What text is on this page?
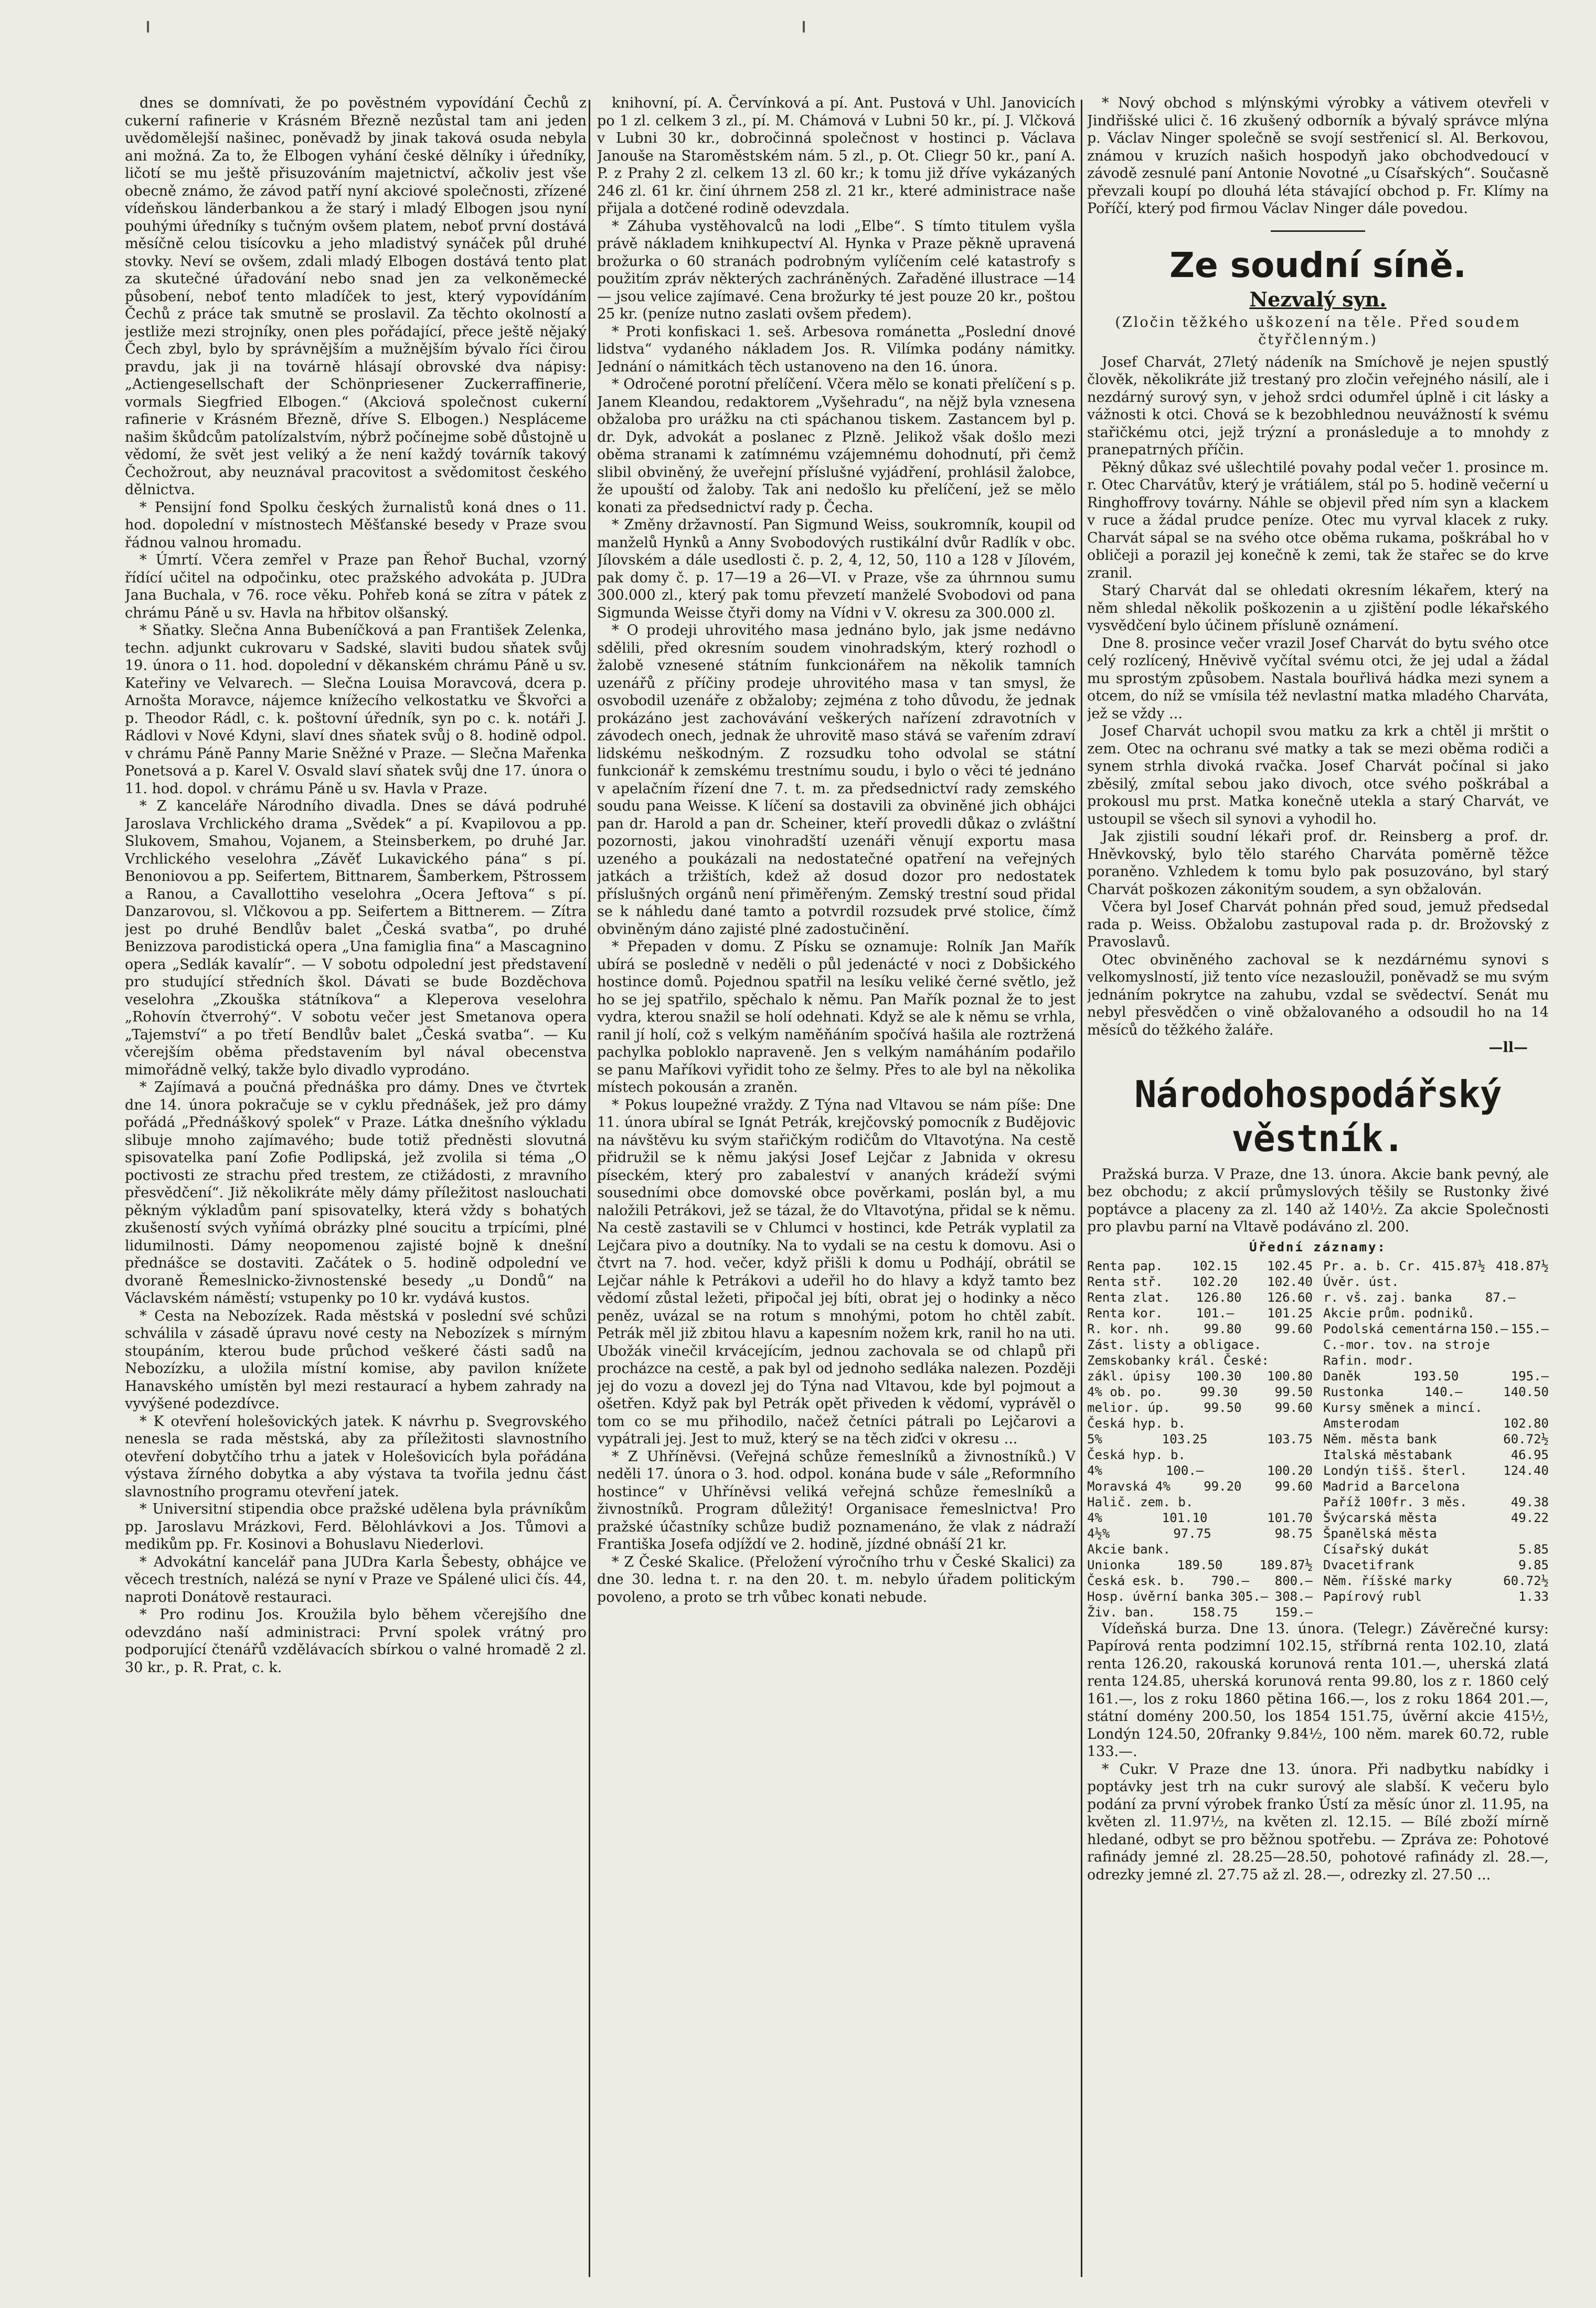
dnes se domnívati, že po pověstném vypovídání Čechů z cukerní rafinerie v Krásném Březně nezůstal tam ani jeden uvědomělejší našinec, poněvadž by jinak taková osuda nebyla ani možná. Za to, že Elbogen vyhání české dělníky i úředníky, ličotí se mu ještě přisuzováním majetnictví, ačkoliv jest vše obecně známo, že závod patří nyní akciové společnosti, zřízené vídeňskou länderbankou a že starý i mladý Elbogen jsou nyní pouhými úředníky s tučným ovšem platem, neboť první dostává měsíčně celou tisícovku a jeho mladistvý synáček půl druhé stovky. Neví se ovšem, zdali mladý Elbogen dostává tento plat za skutečné úřadování nebo snad jen za velkoněmecké působení, neboť tento mladíček to jest, který vypovídáním Čechů z práce tak smutně se proslavil. Za těchto okolností a jestliže mezi strojníky, onen ples pořádající, přece ještě nějaký Čech zbyl, bylo by správnějším a mužnějším bývalo říci čirou pravdu, jak ji na továrně hlásají obrovské dva nápisy: „Actiengesellschaft der Schönpriesener Zuckerraffinerie, vormals Siegfried Elbogen.“ (Akciová společnost cukerní rafinerie v Krásném Březně, dříve S. Elbogen.) Nespláceme našim škůdcům patolízalstvím, nýbrž počínejme sobě důstojně u vědomí, že svět jest veliký a že není každý továrník takový Čechožrout, aby neuznával pracovitost a svědomitost českého dělnictva.

* Pensijní fond Spolku českých žurnalistů koná dnes o 11. hod. dopolední v místnostech Měšťanské besedy v Praze svou řádnou valnou hromadu.

* Úmrtí. Včera zemřel v Praze pan Řehoř Buchal, vzorný řídící učitel na odpočinku, otec pražského advokáta p. JUDra Jana Buchala, v 76. roce věku. Pohřeb koná se zítra v pátek z chrámu Páně u sv. Havla na hřbitov olšanský.

* Sňatky. Slečna Anna Bubeníčková a pan František Zelenka, techn. adjunkt cukrovaru v Sadské, slaviti budou sňatek svůj 19. února o 11. hod. dopolední v děkanském chrámu Páně u sv. Kateřiny ve Velvarech. — Slečna Louisa Moravcová, dcera p. Arnošta Moravce, nájemce knížecího velkostatku ve Škvořci a p. Theodor Rádl, c. k. poštovní úředník, syn po c. k. notáři J. Rádlovi v Nové Kdyni, slaví dnes sňatek svůj o 8. hodině odpol. v chrámu Páně Panny Marie Sněžné v Praze. — Slečna Mařenka Ponetsová a p. Karel V. Osvald slaví sňatek svůj dne 17. února o 11. hod. dopol. v chrámu Páně u sv. Havla v Praze.

* Z kanceláře Národního divadla. Dnes se dává podruhé Jaroslava Vrchlického drama „Svědek“ a pí. Kvapilovou a pp. Slukovem, Smahou, Vojanem, a Steinsberkem, po druhé Jar. Vrchlického veselohra „Závěť Lukavického pána“ s pí. Benoniovou a pp. Seifertem, Bittnarem, Šamberkem, Pštrossem a Ranou, a Cavallottiho veselohra „Ocera Jeftova“ s pí. Danzarovou, sl. Vlčkovou a pp. Seifertem a Bittnerem. — Zítra jest po druhé Bendlův balet „Česká svatba“, po druhé Benizzova parodistická opera „Una famiglia fina“ a Mascagnino opera „Sedlák kavalír“. — V sobotu odpolední jest představení pro studující středních škol. Dávati se bude Bozděchova veselohra „Zkouška státníkova“ a Kleperova veselohra „Rohovín čtverrohý“. V sobotu večer jest Smetanova opera „Tajemství“ a po třetí Bendlův balet „Česká svatba“. — Ku včerejším oběma představením byl nával obecenstva mimořádně velký, takže bylo divadlo vyprodáno.

* Zajímavá a poučná přednáška pro dámy. Dnes ve čtvrtek dne 14. února pokračuje se v cyklu přednášek, jež pro dámy pořádá „Přednáškový spolek“ v Praze. Látka dnešního výkladu slibuje mnoho zajímavého; bude totiž předněsti slovutná spisovatelka paní Zofie Podlipská, jež zvolila si téma „O poctivosti ze strachu před trestem, ze ctižádosti, z mravního přesvědčení“. Již několikráte měly dámy příležitost naslouchati pěkným výkladům paní spisovatelky, která vždy s bohatých zkušeností svých vyňímá obrázky plné soucitu a trpícími, plné lidumilnosti. Dámy neopomenou zajisté bojně k dnešní přednášce se dostaviti. Začátek o 5. hodině odpolední ve dvoraně Řemeslnicko-živnostenské besedy „u Dondů“ na Václavském náměstí; vstupenky po 10 kr. vydává kustos.

* Cesta na Nebozízek. Rada městská v poslední své schůzi schválila v zásadě úpravu nové cesty na Nebozízek s mírným stoupáním, kterou bude průchod veškeré části sadů na Nebozízku, a uložila místní komise, aby pavilon knížete Hanavského umístěn byl mezi restaurací a hybem zahrady na vyvýšené podezdívce.

* K otevření holešovických jatek. K návrhu p. Svegrovského nenesla se rada městská, aby za příležitosti slavnostního otevření dobytčího trhu a jatek v Holešovicích byla pořádána výstava žírného dobytka a aby výstava ta tvořila jednu část slavnostního programu otevření jatek.

* Universitní stipendia obce pražské udělena byla právníkům pp. Jaroslavu Mrázkovi, Ferd. Bělohlávkovi a Jos. Tůmovi a medikům pp. Fr. Kosinovi a Bohuslavu Niederlovi.

* Advokátní kancelář pana JUDra Karla Šebesty, obhájce ve věcech trestních, nalézá se nyní v Praze ve Spálené ulici čís. 44, naproti Donátově restauraci.

* Pro rodinu Jos. Kroužila bylo během včerejšího dne odevzdáno naší administraci: První spolek vrátný pro podporující čtenářů vzdělávacích sbírkou o valné hromadě 2 zl. 30 kr., p. R. Prat, c. k.

knihovní, pí. A. Červínková a pí. Ant. Pustová v Uhl. Janovicích po 1 zl. celkem 3 zl., pí. M. Chámová v Lubni 50 kr., pí. J. Vlčková v Lubni 30 kr., dobročinná společnost v hostinci p. Václava Janouše na Staroměstském nám. 5 zl., p. Ot. Cliegr 50 kr., paní A. P. z Prahy 2 zl. celkem 13 zl. 60 kr.; k tomu již dříve vykázaných 246 zl. 61 kr. činí úhrnem 258 zl. 21 kr., které administrace naše přijala a dotčené rodině odevzdala.

* Záhuba vystěhovalců na lodi „Elbe“. S tímto titulem vyšla právě nákladem knihkupectví Al. Hynka v Praze pěkně upravená brožurka o 60 stranách podrobným vylíčením celé katastrofy s použitím zpráv některých zachráněných. Zařaděné illustrace —14— jsou velice zajímavé. Cena brožurky té jest pouze 20 kr., poštou 25 kr. (peníze nutno zaslati ovšem předem).

* Proti konfiskaci 1. seš. Arbesova románetta „Poslední dnové lidstva“ vydaného nákladem Jos. R. Vilímka podány námitky. Jednání o námitkách těch ustanoveno na den 16. února.

* Odročené porotní přelíčení. Včera mělo se konati přelíčení s p. Janem Kleandou, redaktorem „Vyšehradu“, na nějž byla vznesena obžaloba pro urážku na cti spáchanou tiskem. Zastancem byl p. dr. Dyk, advokát a poslanec z Plzně. Jelikož však došlo mezi oběma stranami k zatímnému vzájemnému dohodnutí, při čemž slibil obviněný, že uveřejní příslušné vyjádření, prohlásil žalobce, že upouští od žaloby. Tak ani nedošlo ku přelíčení, jež se mělo konati za předsednictví rady p. Čecha.

* Změny državností. Pan Sigmund Weiss, soukromník, koupil od manželů Hynků a Anny Svobodových rustikální dvůr Radlík v obc. Jílovském a dále usedlosti č. p. 2, 4, 12, 50, 110 a 128 v Jílovém, pak domy č. p. 17—19 a 26—VI. v Praze, vše za úhrnnou sumu 300.000 zl., který pak tomu převzetí manželé Svobodovi od pana Sigmunda Weisse čtyři domy na Vídni v V. okresu za 300.000 zl.

* O prodeji uhrovitého masa jednáno bylo, jak jsme nedávno sdělili, před okresním soudem vinohradským, který rozhodl o žalobě vznesené státním funkcionářem na několik tamních uzenářů z příčiny prodeje uhrovitého masa v tan smysl, že osvobodil uzenáře z obžaloby; zejména z toho důvodu, že jednak prokázáno jest zachovávání veškerých nařízení zdravotních v závodech onech, jednak že uhrovitě maso stává se vařením zdraví lidskému neškodným. Z rozsudku toho odvolal se státní funkcionář k zemskému trestnímu soudu, i bylo o věci té jednáno v apelačním řízení dne 7. t. m. za předsednictví rady zemského soudu pana Weisse. K líčení sa dostavili za obviněné jich obhájci pan dr. Harold a pan dr. Scheiner, kteří provedli důkaz o zvláštní pozornosti, jakou vinohradští uzenáři věnují exportu masa uzeného a poukázali na nedostatečné opatření na veřejných jatkách a tržištích, kdež až dosud dozor pro nedostatek příslušných orgánů není přiměřeným. Zemský trestní soud přidal se k náhledu dané tamto a potvrdil rozsudek prvé stolice, čímž obviněným dáno zajisté plné zadostučinění.

* Přepaden v domu. Z Písku se oznamuje: Rolník Jan Mařík ubírá se posledně v neděli o půl jedenácté v noci z Dobšického hostince domů. Pojednou spatřil na lesíku veliké černé světlo, jež ho se jej spatřilo, spěchalo k němu. Pan Mařík poznal že to jest vydra, kterou snažil se holí odehnati. Když se ale k němu se vrhla, ranil jí holí, což s velkým naměňáním spočívá hašila ale roztržená pachylka pobloklo napraveně. Jen s velkým namáháním podařilo se panu Maříkovi vyřidit toho ze šelmy. Přes to ale byl na několika místech pokousán a zraněn.

* Pokus loupežné vraždy. Z Týna nad Vltavou se nám píše: Dne 11. února ubíral se Ignát Petrák, krejčovský pomocník z Budějovic na návštěvu ku svým stařičkým rodičům do Vltavotýna. Na cestě přidružil se k němu jakýsi Josef Lejčar z Jabnida v okresu píseckém, který pro zabaleství v ananých krádeží svými sousedními obce domovské obce pověrkami, poslán byl, a mu naložili Petrákovi, jež se tázal, že do Vltavotýna, přidal se k němu. Na cestě zastavili se v Chlumci v hostinci, kde Petrák vyplatil za Lejčara pivo a doutníky. Na to vydali se na cestu k domovu. Asi o čtvrt na 7. hod. večer, když přišli k domu u Podhájí, obrátil se Lejčar náhle k Petrákovi a udeřil ho do hlavy a když tamto bez vědomí zůstal ležeti, připočal jej bíti, obrat jej o hodinky a něco peněz, uvázal se na rotum s mnohými, potom ho chtěl zabít. Petrák měl již zbitou hlavu a kapesním nožem krk, ranil ho na uti. Ubožák vinečil krvácejícím, jednou zachovala se od chlapů při procházce na cestě, a pak byl od jednoho sedláka nalezen. Později jej do vozu a dovezl jej do Týna nad Vltavou, kde byl pojmout a ošetřen. Když pak byl Petrák opět přiveden k vědomí, vyprávěl o tom co se mu přihodilo, načež četníci pátrali po Lejčarovi a vypátrali jej. Jest to muž, který se na těch ziďci v okresu ...

* Z Uhříněvsi. (Veřejná schůze řemeslníků a živnostníků.) V neděli 17. února o 3. hod. odpol. konána bude v sále „Reformního hostince“ v Uhříněvsi veliká veřejná schůze řemeslníků a živnostníků. Program důležitý! Organisace řemeslnictva! Pro pražské účastníky schůze budiž poznamenáno, že vlak z nádraží Františka Josefa odjíždí ve 2. hodině, jízdné obnáší 21 kr.

* Z České Skalice. (Přeložení výročního trhu v České Skalici) za dne 30. ledna t. r. na den 20. t. m. nebylo úřadem politickým povoleno, a proto se trh vůbec konati nebude.

* Nový obchod s mlýnskými výrobky a vátivem otevřeli v Jindřišské ulici č. 16 zkušený odborník a bývalý správce mlýna p. Václav Ninger společně se svojí sestřenicí sl. Al. Berkovou, známou v kruzích našich hospodyň jako obchodvedoucí v závodě zesnulé paní Antonie Novotné „u Císařských“. Současně převzali koupí po dlouhá léta stávající obchod p. Fr. Klímy na Poříčí, který pod firmou Václav Ninger dále povedou.

Ze soudní síně.
Nezvalý syn.
(Zločin těžkého uškození na těle. Před soudem čtyřčlenným.)

Josef Charvát, 27letý nádeník na Smíchově je nejen spustlý člověk, několikráte již trestaný pro zločin veřejného násilí, ale i nezdárný surový syn, v jehož srdci odumřel úplně i cit lásky a vážnosti k otci. Chová se k bezobhlednou neuvážností k svému stařičkému otci, jejž trýzní a pronásleduje a to mnohdy z pranepatrných příčin.

Pěkný důkaz své ušlechtilé povahy podal večer 1. prosince m. r. Otec Charvátův, který je vrátiálem, stál po 5. hodině večerní u Ringhoffrovy továrny. Náhle se objevil před ním syn a klackem v ruce a žádal prudce peníze. Otec mu vyrval klacek z ruky. Charvát sápal se na svého otce oběma rukama, poškrábal ho v obličeji a porazil jej konečně k zemi, tak že stařec se do krve zranil.

Starý Charvát dal se ohledati okresním lékařem, který na něm shledal několik poškozenin a u zjištění podle lékařského vysvědčení bylo účinem přísluně oznámení.

Dne 8. prosince večer vrazil Josef Charvát do bytu svého otce celý rozlícený, Hněvivě vyčítal svému otci, že jej udal a žádal mu sprostým způsobem. Nastala bouřlivá hádka mezi synem a otcem, do níž se vmísila též nevlastní matka mladého Charváta, jež se vždy ...

Josef Charvát uchopil svou matku za krk a chtěl ji mrštit o zem. Otec na ochranu své matky a tak se mezi oběma rodiči a synem strhla divoká rvačka. Josef Charvát počínal si jako zběsilý, zmítal sebou jako divoch, otce svého poškrábal a prokousl mu prst. Matka konečně utekla a starý Charvát, ve ustoupil se všech sil synovi a vyhodil ho.

Jak zjistili soudní lékaři prof. dr. Reinsberg a prof. dr. Hněvkovský, bylo tělo starého Charváta poměrně těžce poraněno. Vzhledem k tomu bylo pak posuzováno, byl starý Charvát poškozen zákonitým soudem, a syn obžalován.

Včera byl Josef Charvát pohnán před soud, jemuž předsedal rada p. Weiss. Obžalobu zastupoval rada p. dr. Brožovský z Pravoslavů.

Otec obviněného zachoval se k nezdárnému synovi s velkomyslností, již tento více nezasloužil, poněvadž se mu svým jednáním pokrytce na zahubu, vzdal se svědectví. Senát mu nebyl přesvědčen o vině obžalovaného a odsoudil ho na 14 měsíců do těžkého žaláře.

—ll—
Národohospodářský věstník.

Pražská burza. V Praze, dne 13. února. Akcie bank pevný, ale bez obchodu; z akcií průmyslových těšily se Rustonky živé poptávce a placeny za zl. 140 až 140½. Za akcie Společnosti pro plavbu parní na Vltavě podáváno zl. 200.

Úřední záznamy:
Renta pap. 102.15 102.45
Renta stř. 102.20 102.40
Renta zlat. 126.80 126.60
Renta kor.	101.—	101.25
R. kor. nh.	99.80	99.60
Zást. listy a obligace.
Zemskobanky král. České:
zákl. úpisy 100.30 100.80
4% ob. po.	99.30	99.50
melior. úp.	99.50	99.60
Česká hyp. b.
5%	103.25	103.75
Česká hyp. b.
4%	100.—	100.20
Moravská 4%	99.20	99.60
Halič. zem. b.
4%	101.10	101.70
4½%	97.75	98.75
Akcie bank.
Unionka	189.50	189.87½
Česká esk. b. 790.— 800.—
Hosp. úvěrní banka 305.— 308.—
Živ. ban.	158.75	159.—
Pr. a. b. Cr. 415.87½ 418.87½
Úvěr. úst.
r. vš. zaj. banka	87.—
Akcie prům. podniků.
Podolská cementárna 150.— 155.—
C.-mor. tov. na stroje
Rafin. modr.
Daněk	193.50	195.—
Rustonka	140.—	140.50
Kursy směnek a mincí.
Amsterodam	102.80
Něm. města bank	60.72½
Italská městabank	46.95
Londýn tišš. šterl.	124.40
Madrid a Barcelona
Paříž 100fr. 3 měs.	49.38
Švýcarská města	49.22
Španělská města
Císařský dukát	5.85
Dvacetifrank	9.85
Něm. říšské marky	60.72½
Papírový rubl	1.33

Vídeňská burza. Dne 13. února. (Telegr.) Závěrečné kursy: Papírová renta podzimní 102.15, stříbrná renta 102.10, zlatá renta 126.20, rakouská korunová renta 101.—, uherská zlatá renta 124.85, uherská korunová renta 99.80, los z r. 1860 celý 161.—, los z roku 1860 pětina 166.—, los z roku 1864 201.—, státní domény 200.50, los 1854 151.75, úvěrní akcie 415½, Londýn 124.50, 20franky 9.84½, 100 něm. marek 60.72, ruble 133.—.

* Cukr. V Praze dne 13. února. Při nadbytku nabídky i poptávky jest trh na cukr surový ale slabší. K večeru bylo podání za první výrobek franko Ústí za měsíc únor zl. 11.95, na květen zl. 11.97½, na květen zl. 12.15. — Bílé zboží mírně hledané, odbyt se pro běžnou spotřebu. — Zpráva ze: Pohotové rafinády jemné zl. 28.25—28.50, pohotové rafinády zl. 28.—, odrezky jemné zl. 27.75 až zl. 28.—, odrezky zl. 27.50 ...
